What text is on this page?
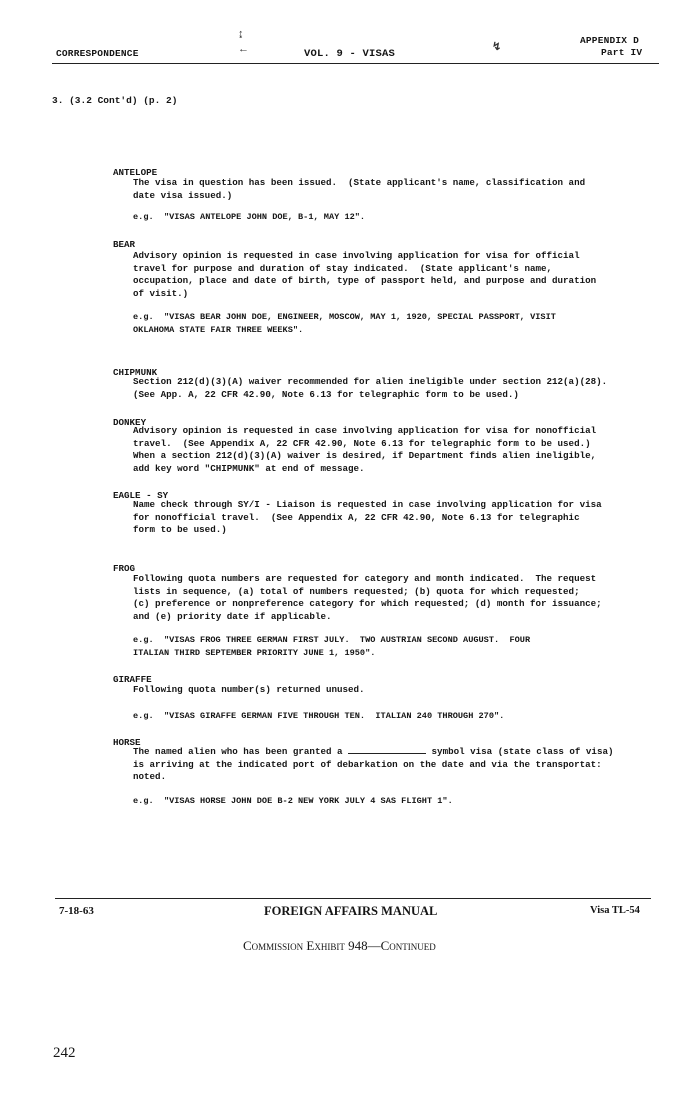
CORRESPONDENCE	VOL. 9 - VISAS
APPENDIX D
Part IV
↨
←	↯
3. (3.2 Cont'd) (p. 2)
ANTELOPE
The visa in question has been issued.  (State applicant's name, classification and
date visa issued.)
e.g.  "VISAS ANTELOPE JOHN DOE, B-1, MAY 12".
BEAR
Advisory opinion is requested in case involving application for visa for official
travel for purpose and duration of stay indicated.  (State applicant's name,
occupation, place and date of birth, type of passport held, and purpose and duration
of visit.)
e.g.  "VISAS BEAR JOHN DOE, ENGINEER, MOSCOW, MAY 1, 1920, SPECIAL PASSPORT, VISIT
OKLAHOMA STATE FAIR THREE WEEKS".
CHIPMUNK
Section 212(d)(3)(A) waiver recommended for alien ineligible under section 212(a)(28).
(See App. A, 22 CFR 42.90, Note 6.13 for telegraphic form to be used.)
DONKEY
Advisory opinion is requested in case involving application for visa for nonofficial
travel.  (See Appendix A, 22 CFR 42.90, Note 6.13 for telegraphic form to be used.)
When a section 212(d)(3)(A) waiver is desired, if Department finds alien ineligible,
add key word "CHIPMUNK" at end of message.
EAGLE - SY
Name check through SY/I - Liaison is requested in case involving application for visa
for nonofficial travel.  (See Appendix A, 22 CFR 42.90, Note 6.13 for telegraphic
form to be used.)
FROG
Following quota numbers are requested for category and month indicated.  The request
lists in sequence, (a) total of numbers requested; (b) quota for which requested;
(c) preference or nonpreference category for which requested; (d) month for issuance;
and (e) priority date if applicable.
e.g.  "VISAS FROG THREE GERMAN FIRST JULY.  TWO AUSTRIAN SECOND AUGUST.  FOUR
ITALIAN THIRD SEPTEMBER PRIORITY JUNE 1, 1950".
GIRAFFE
Following quota number(s) returned unused.
e.g.  "VISAS GIRAFFE GERMAN FIVE THROUGH TEN.  ITALIAN 240 THROUGH 270".
HORSE
The named alien who has been granted a	symbol visa (state class of visa)
is arriving at the indicated port of debarkation on the date and via the transportat:
noted.
e.g.  "VISAS HORSE JOHN DOE B-2 NEW YORK JULY 4 SAS FLIGHT 1".
7-18-63	FOREIGN AFFAIRS MANUAL	Visa TL-54
Commission Exhibit 948—Continued
242
